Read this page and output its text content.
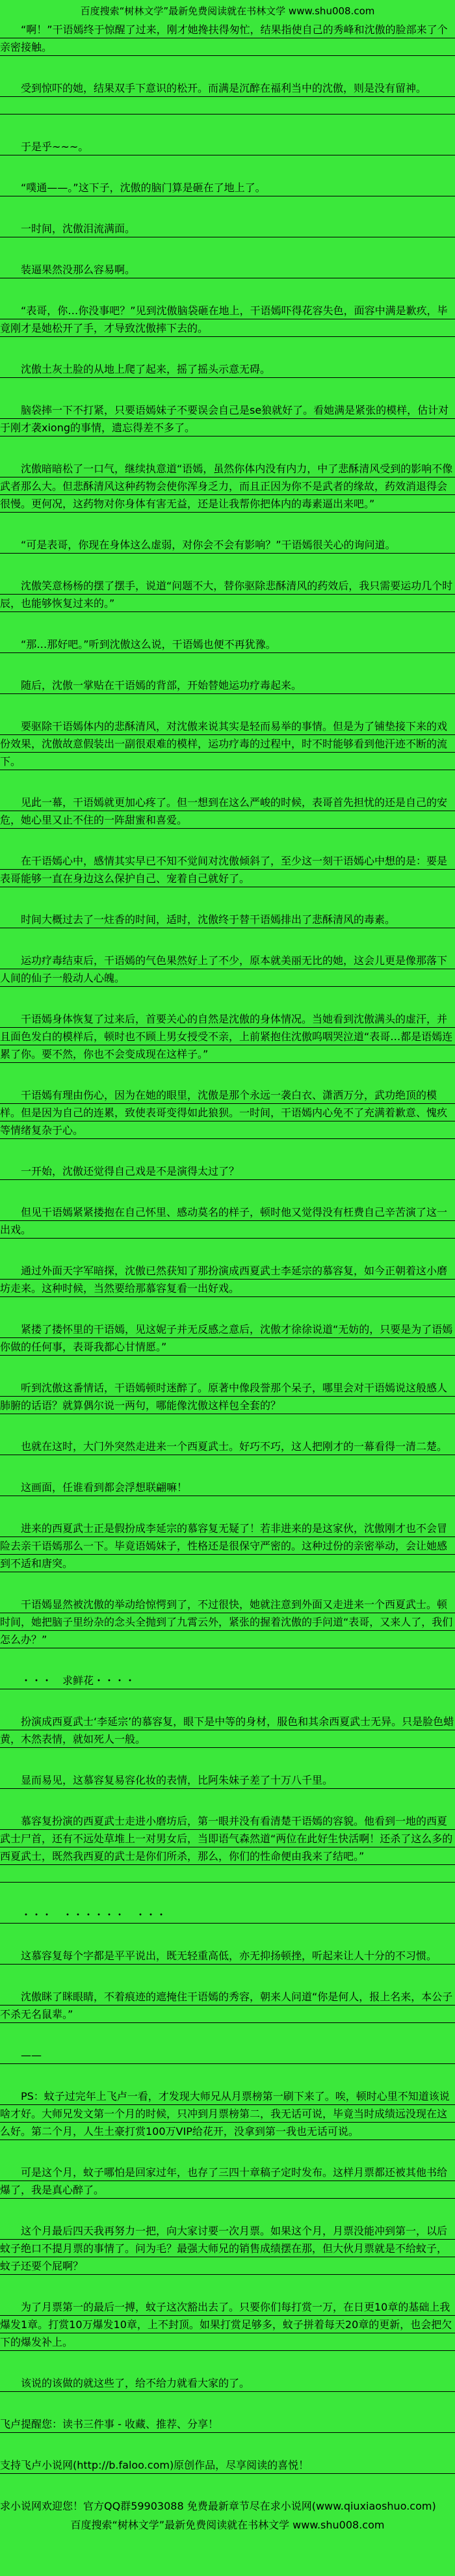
百度搜索“树林文学”最新免费阅读就在书林文学 www.shu008.com

“啊！”干语嫣终于惊醒了过来，刚才她搀扶得匆忙，结果指使自己的秀峰和沈傲的脸部来了个亲密接触。

受到惊吓的她，结果双手下意识的松开。而满是沉醉在福利当中的沈傲，则是没有留神。

于是乎~~~。

“噗通——。”这下子，沈傲的脑门算是砸在了地上了。

一时间，沈傲泪流满面。

装逼果然没那么容易啊。

“表哥，你…你没事吧？”见到沈傲脑袋砸在地上，干语嫣吓得花容失色，面容中满是歉疚，毕竟刚才是她松开了手，才导致沈傲摔下去的。

沈傲土灰土脸的从地上爬了起来，摇了摇头示意无碍。

脑袋摔一下不打紧，只要语嫣妹子不要误会自己是se狼就好了。看她满是紧张的模样，估计对于刚才袭xiong的事情，遗忘得差不多了。

沈傲暗暗松了一口气，继续执意道“语嫣，虽然你体内没有内力，中了悲酥清风受到的影响不像武者那么大。但悲酥清风这种药物会使你浑身乏力，而且正因为你不是武者的缘故，药效消退得会很慢。更何况，这药物对你身体有害无益，还是让我帮你把体内的毒素逼出来吧。”

“可是表哥，你现在身体这么虚弱，对你会不会有影响？”干语嫣很关心的询问道。

沈傲笑意杨杨的摆了摆手，说道“问题不大，替你驱除悲酥清风的药效后，我只需要运功几个时辰，也能够恢复过来的。”

“那…那好吧。”听到沈傲这么说，干语嫣也便不再犹豫。

随后，沈傲一掌贴在干语嫣的背部，开始替她运功疗毒起来。

要驱除干语嫣体内的悲酥清风，对沈傲来说其实是轻而易举的事情。但是为了铺垫接下来的戏份效果，沈傲故意假装出一副很艰难的模样，运功疗毒的过程中，时不时能够看到他汗迹不断的流下。

见此一幕，干语嫣就更加心疼了。但一想到在这么严峻的时候，表哥首先担忧的还是自己的安危，她心里又止不住的一阵甜蜜和喜爱。

在干语嫣心中，感情其实早已不知不觉间对沈傲倾斜了，至少这一刻干语嫣心中想的是：要是表哥能够一直在身边这么保护自己、宠着自己就好了。

时间大概过去了一炷香的时间，适时，沈傲终于替干语嫣排出了悲酥清风的毒素。

运功疗毒结束后，干语嫣的气色果然好上了不少，原本就美丽无比的她，这会儿更是像那落下人间的仙子一般动人心魄。

干语嫣身体恢复了过来后，首要关心的自然是沈傲的身体情况。当她看到沈傲满头的虚汗，并且面色发白的模样后，顿时也不顾上男女授受不亲，上前紧抱住沈傲呜咽哭泣道“表哥…都是语嫣连累了你。要不然，你也不会变成现在这样子。”

干语嫣有理由伤心，因为在她的眼里，沈傲是那个永远一袭白衣、潇洒万分，武功绝顶的模样。但是因为自己的连累，致使表哥变得如此狼狈。一时间，干语嫣内心免不了充满着歉意、愧疚等情绪复杂于心。

一开始，沈傲还觉得自己戏是不是演得太过了？

但见干语嫣紧紧搂抱在自己怀里、感动莫名的样子，顿时他又觉得没有枉费自己辛苦演了这一出戏。

通过外面天字军暗探，沈傲已然获知了那扮演成西夏武士李延宗的慕容复，如今正朝着这小磨坊走来。这种时候，当然要给那慕容复看一出好戏。

紧搂了搂怀里的干语嫣，见这妮子并无反感之意后，沈傲才徐徐说道“无妨的，只要是为了语嫣你做的任何事，表哥我都心甘情愿。”

听到沈傲这番情话，干语嫣顿时迷醉了。原著中像段誉那个呆子，哪里会对干语嫣说这般感人肺腑的话语？就算偶尔说一两句，哪能像沈傲这样包全套的？

也就在这时，大门外突然走进来一个西夏武士。好巧不巧，这人把刚才的一幕看得一清二楚。

这画面，任谁看到都会浮想联翩嘛！

进来的西夏武士正是假扮成李延宗的慕容复无疑了！若非进来的是这家伙，沈傲刚才也不会冒险去亲干语嫣那么一下。毕竟语嫣妹子，性格还是很保守严密的。这种过份的亲密举动，会让她感到不适和唐突。

干语嫣显然被沈傲的举动给惊愕到了，不过很快，她就注意到外面又走进来一个西夏武士。顿时间，她把脑子里纷杂的念头全抛到了九霄云外，紧张的握着沈傲的手问道“表哥，又来人了，我们怎么办？”

・・・　求鲜花・・・・

扮演成西夏武士‘李延宗’的慕容复，眼下是中等的身材，服色和其余西夏武士无异。只是脸色蜡黄，木然表情，就如死人一般。

显而易见，这慕容复易容化妆的表情，比阿朱妹子差了十万八千里。

慕容复扮演的西夏武士走进小磨坊后，第一眼并没有看清楚干语嫣的容貌。他看到一地的西夏武士尸首，还有不远处草堆上一对男女后，当即语气森然道“两位在此好生快活啊！还杀了这么多的西夏武士，既然我西夏的武士是你们所杀，那么，你们的性命便由我来了结吧。”

・・・　・・・・・・　・・・

这慕容复每个字都是平平说出，既无轻重高低，亦无抑扬顿挫，听起来让人十分的不习惯。

沈傲眯了眯眼睛，不着痕迹的遮掩住干语嫣的秀容，朝来人问道“你是何人，报上名来，本公子不杀无名鼠辈。”

——

PS：蚊子过完年上飞卢一看，才发现大师兄从月票榜第一刷下来了。唉，顿时心里不知道该说啥才好。大师兄发文第一个月的时候，只冲到月票榜第二，我无话可说，毕竟当时成绩远没现在这么好。第二个月，人生土豪打赏100万VIP给花开，没拿到第一我也无话可说。

可是这个月，蚊子哪怕是回家过年，也存了三四十章稿子定时发布。这样月票都还被其他书给爆了，我是真心醉了。

这个月最后四天我再努力一把，向大家讨要一次月票。如果这个月，月票没能冲到第一，以后蚊子绝口不提月票的事情了。问为毛？最强大师兄的销售成绩摆在那，但大伙月票就是不给蚊子，蚊子还要个屁啊？

为了月票第一的最后一搏，蚊子这次豁出去了。只要你们每打赏一万，在日更10章的基础上我爆发1章。打赏10万爆发10章，上不封顶。如果打赏足够多，蚊子拼着每天20章的更新，也会把欠下的爆发补上。

该说的该做的就这些了，给不给力就看大家的了。

飞卢提醒您：读书三件事 - 收藏、推荐、分享！

支持飞卢小说网(http://b.faloo.com)原创作品，尽享阅读的喜悦！

求小说网欢迎您！官方QQ群59903088 免费最新章节尽在求小说网(www.qiuxiaoshuo.com)

百度搜索“树林文学”最新免费阅读就在书林文学 www.shu008.com
